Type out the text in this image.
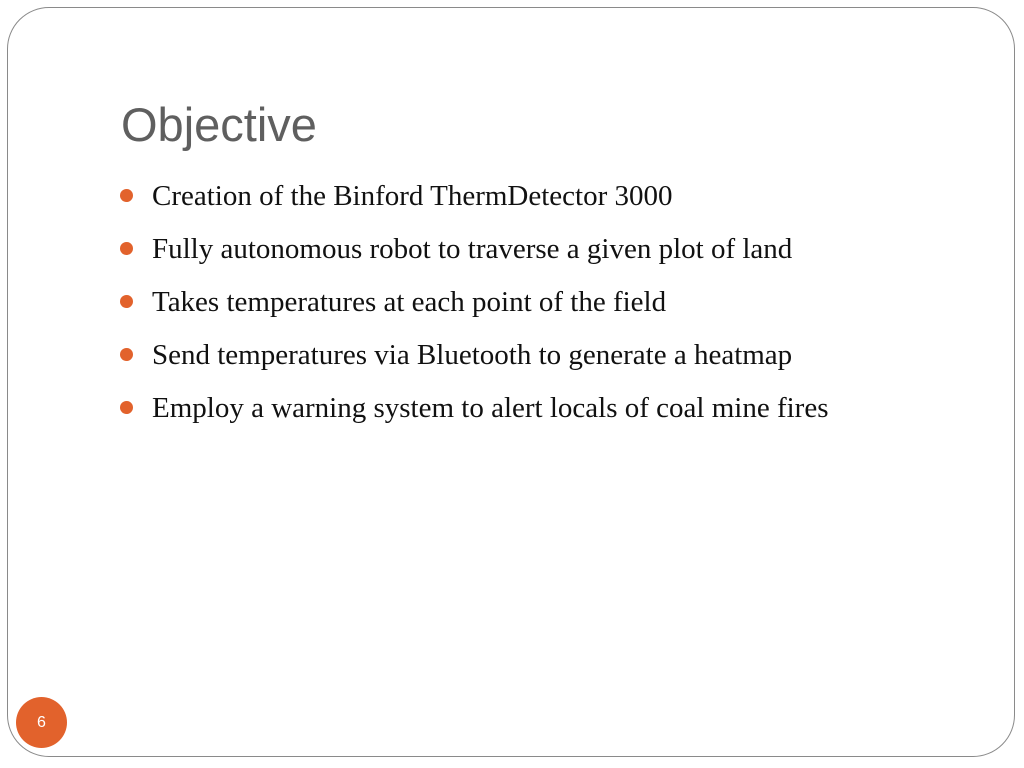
Objective
Creation of the Binford ThermDetector 3000
Fully autonomous robot to traverse a given plot of land
Takes temperatures at each point of the field
Send temperatures via Bluetooth to generate a heatmap
Employ a warning system to alert locals of coal mine fires
6
